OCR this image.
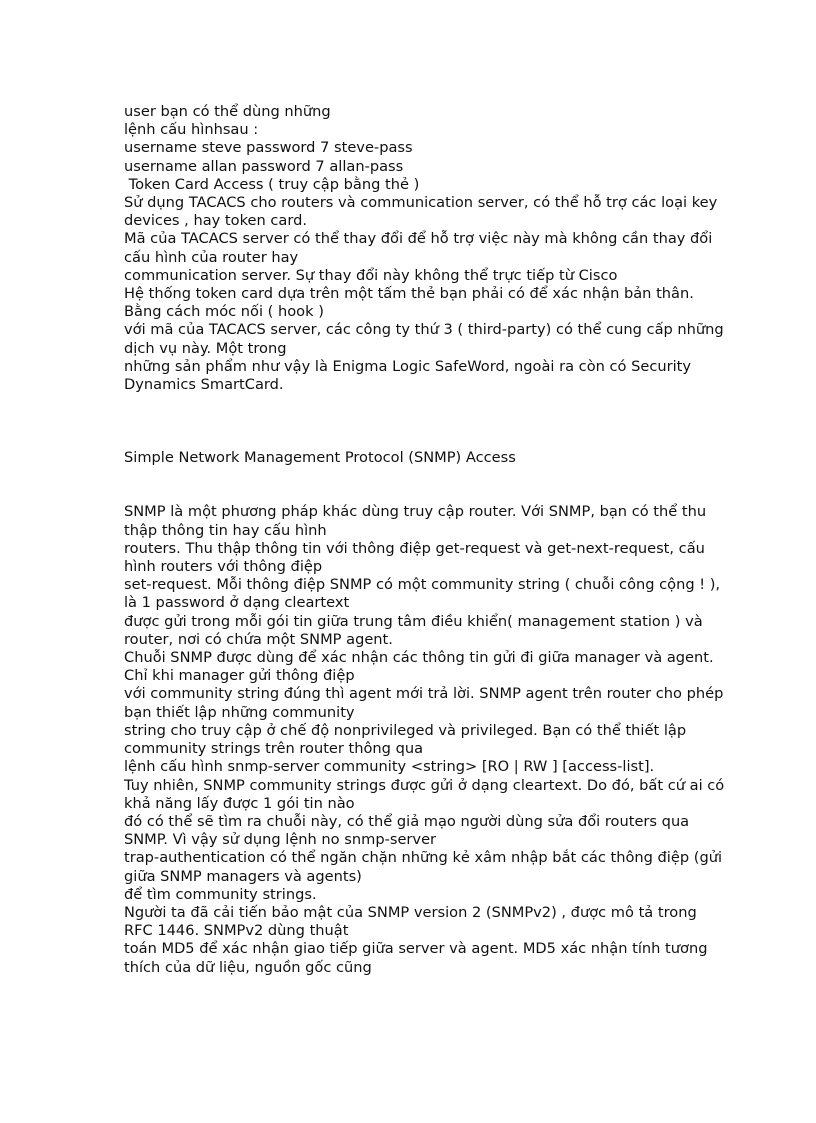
user bạn có thể dùng những
lệnh cấu hìnhsau :
username steve password 7 steve-pass
username allan password 7 allan-pass
Token Card Access ( truy cập bằng thẻ )
Sử dụng TACACS cho routers và communication server, có thể hỗ trợ các loại key
devices , hay token card.
Mã của TACACS server có thể thay đổi để hỗ trợ việc này mà không cần thay đổi
cấu hình của router hay
communication server. Sự thay đổi này không thể trực tiếp từ Cisco
Hệ thống token card dựa trên một tấm thẻ bạn phải có để xác nhận bản thân.
Bằng cách móc nối ( hook )
với mã của TACACS server, các công ty thứ 3 ( third-party) có thể cung cấp những
dịch vụ này. Một trong
những sản phẩm như vậy là Enigma Logic SafeWord, ngoài ra còn có Security
Dynamics SmartCard.
Simple Network Management Protocol (SNMP) Access
SNMP là một phương pháp khác dùng truy cập router. Với SNMP, bạn có thể thu
thập thông tin hay cấu hình
routers. Thu thập thông tin với thông điệp get-request và get-next-request, cấu
hình routers với thông điệp
set-request. Mỗi thông điệp SNMP có một community string ( chuỗi công cộng ! ),
là 1 password ở dạng cleartext
được gửi trong mỗi gói tin giữa trung tâm điều khiển( management station ) và
router, nơi có chứa một SNMP agent.
Chuỗi SNMP được dùng để xác nhận các thông tin gửi đi giữa manager và agent.
Chỉ khi manager gửi thông điệp
với community string đúng thì agent mới trả lời. SNMP agent trên router cho phép
bạn thiết lập những community
string cho truy cập ở chế độ nonprivileged và privileged. Bạn có thể thiết lập
community strings trên router thông qua
lệnh cấu hình snmp-server community <string> [RO | RW ] [access-list].
Tuy nhiên, SNMP community strings được gửi ở dạng cleartext. Do đó, bất cứ ai có
khả năng lấy được 1 gói tin nào
đó có thể sẽ tìm ra chuỗi này, có thể giả mạo người dùng sửa đổi routers qua
SNMP. Vì vậy sử dụng lệnh no snmp-server
trap-authentication có thể ngăn chặn những kẻ xâm nhập bắt các thông điệp (gửi
giữa SNMP managers và agents)
để tìm community strings.
Người ta đã cải tiến bảo mật của SNMP version 2 (SNMPv2) , được mô tả trong
RFC 1446. SNMPv2 dùng thuật
toán MD5 để xác nhận giao tiếp giữa server và agent. MD5 xác nhận tính tương
thích của dữ liệu, nguồn gốc cũng
